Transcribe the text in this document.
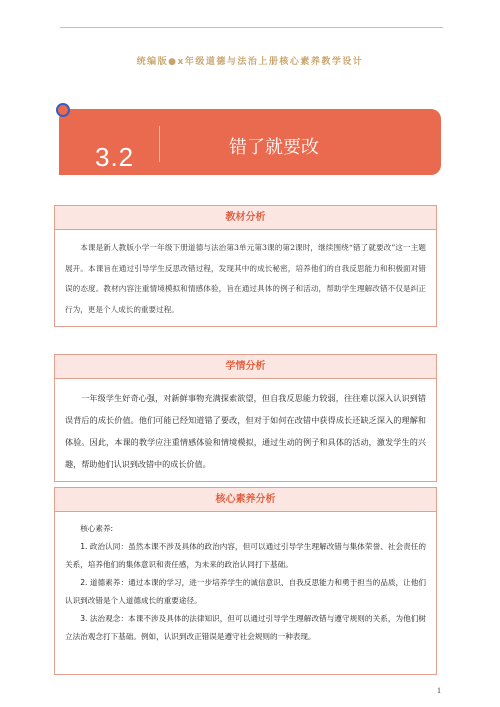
统编版●x年级道德与法治上册核心素养教学设计
3.2	错了就要改
教材分析

本课是新人教版小学一年级下册道德与法治第3单元第3课的第2课时，继续围绕“错了就要改”这一主题展开。本课旨在通过引导学生反思改错过程，发现其中的成长秘密，培养他们的自我反思能力和积极面对错误的态度。教材内容注重情境模拟和情感体验，旨在通过具体的例子和活动，帮助学生理解改错不仅是纠正行为，更是个人成长的重要过程。

学情分析

一年级学生好奇心强，对新鲜事物充满探索欲望，但自我反思能力较弱，往往难以深入认识到错误背后的成长价值。他们可能已经知道错了要改，但对于如何在改错中获得成长还缺乏深入的理解和体验。因此，本课的教学应注重情感体验和情境模拟，通过生动的例子和具体的活动，激发学生的兴趣，帮助他们认识到改错中的成长价值。

核心素养分析

核心素养:

1. 政治认同：虽然本课不涉及具体的政治内容，但可以通过引导学生理解改错与集体荣誉、社会责任的关系，培养他们的集体意识和责任感，为未来的政治认同打下基础。

2. 道德素养：通过本课的学习，进一步培养学生的诚信意识、自我反思能力和勇于担当的品质，让他们认识到改错是个人道德成长的重要途径。

3. 法治观念：本课不涉及具体的法律知识，但可以通过引导学生理解改错与遵守规则的关系，为他们树立法治观念打下基础。例如，认识到改正错误是遵守社会规则的一种表现。

1
